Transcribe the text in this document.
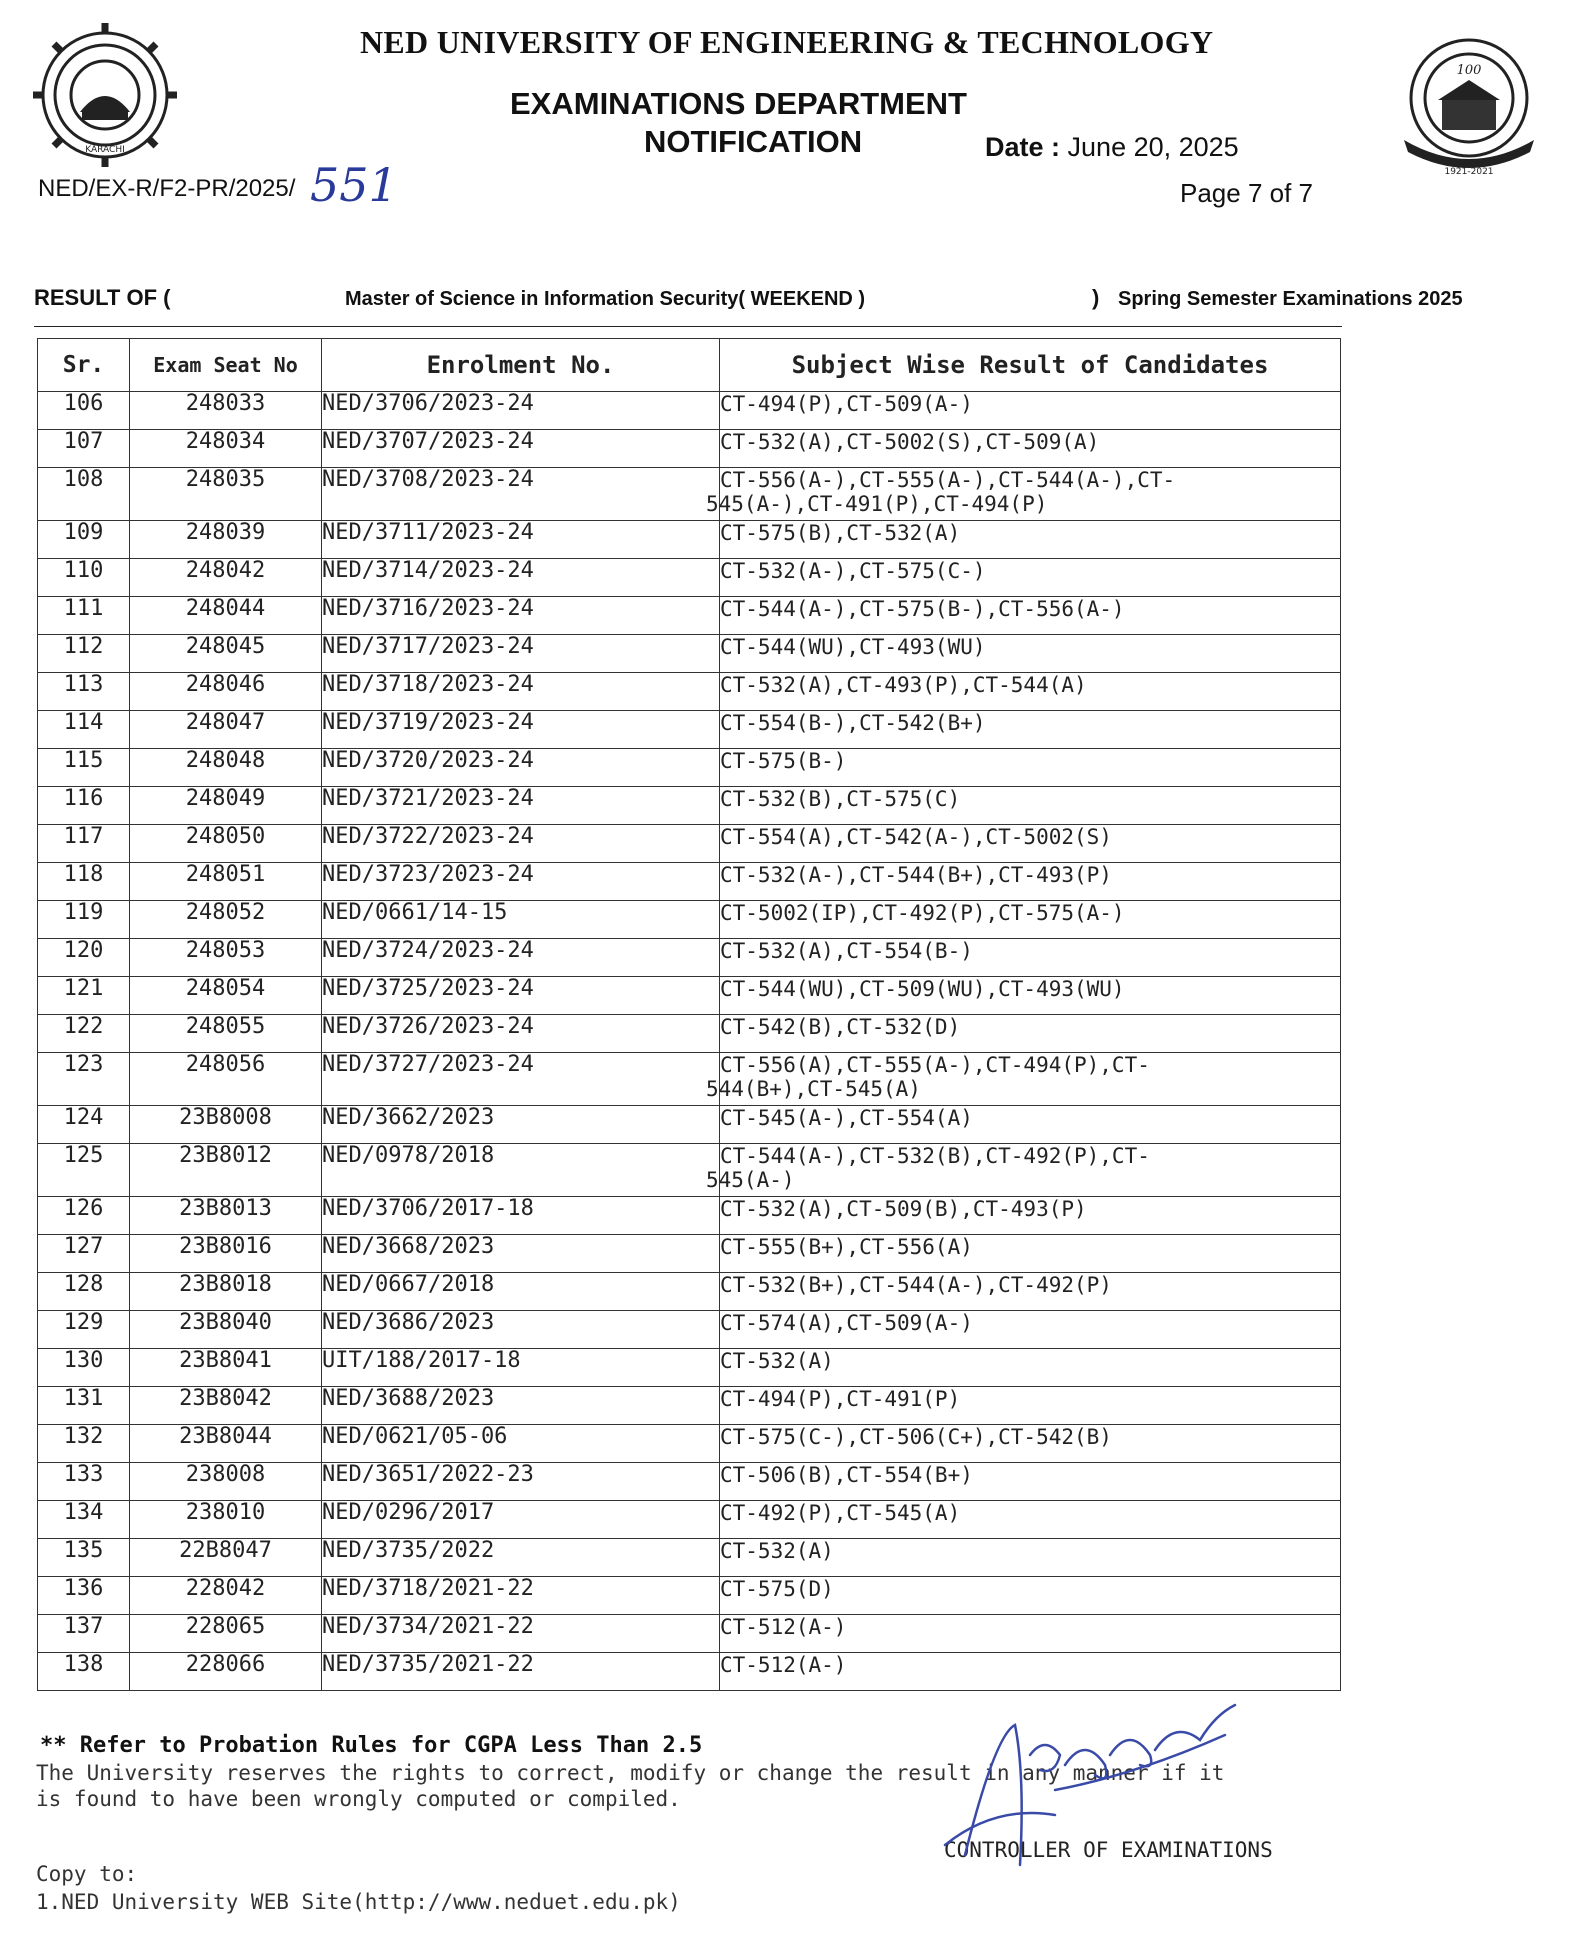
KARACHI
100
1921-2021
NED UNIVERSITY OF ENGINEERING & TECHNOLOGY
EXAMINATIONS DEPARTMENT
NOTIFICATION	Date : June 20, 2025
Page 7 of 7
NED/EX-R/F2-PR/2025/ 551
RESULT OF (	Master of Science in Information Security( WEEKEND )	) Spring Semester Examinations 2025
Sr.	Exam Seat No	Enrolment No.	Subject Wise Result of Candidates
106	248033	NED/3706/2023-24	CT-494(P),CT-509(A-)

107	248034	NED/3707/2023-24	CT-532(A),CT-5002(S),CT-509(A)

108	248035	NED/3708/2023-24	CT-556(A-),CT-555(A-),CT-544(A-),CT-
545(A-),CT-491(P),CT-494(P)

109	248039	NED/3711/2023-24	CT-575(B),CT-532(A)

110	248042	NED/3714/2023-24	CT-532(A-),CT-575(C-)

111	248044	NED/3716/2023-24	CT-544(A-),CT-575(B-),CT-556(A-)

112	248045	NED/3717/2023-24	CT-544(WU),CT-493(WU)

113	248046	NED/3718/2023-24	CT-532(A),CT-493(P),CT-544(A)

114	248047	NED/3719/2023-24	CT-554(B-),CT-542(B+)

115	248048	NED/3720/2023-24	CT-575(B-)

116	248049	NED/3721/2023-24	CT-532(B),CT-575(C)

117	248050	NED/3722/2023-24	CT-554(A),CT-542(A-),CT-5002(S)

118	248051	NED/3723/2023-24	CT-532(A-),CT-544(B+),CT-493(P)

119	248052	NED/0661/14-15	CT-5002(IP),CT-492(P),CT-575(A-)

120	248053	NED/3724/2023-24	CT-532(A),CT-554(B-)

121	248054	NED/3725/2023-24	CT-544(WU),CT-509(WU),CT-493(WU)

122	248055	NED/3726/2023-24	CT-542(B),CT-532(D)

123	248056	NED/3727/2023-24	CT-556(A),CT-555(A-),CT-494(P),CT-
544(B+),CT-545(A)

124	23B8008	NED/3662/2023	CT-545(A-),CT-554(A)

125	23B8012	NED/0978/2018	CT-544(A-),CT-532(B),CT-492(P),CT-
545(A-)

126	23B8013	NED/3706/2017-18	CT-532(A),CT-509(B),CT-493(P)

127	23B8016	NED/3668/2023	CT-555(B+),CT-556(A)

128	23B8018	NED/0667/2018	CT-532(B+),CT-544(A-),CT-492(P)

129	23B8040	NED/3686/2023	CT-574(A),CT-509(A-)

130	23B8041	UIT/188/2017-18	CT-532(A)

131	23B8042	NED/3688/2023	CT-494(P),CT-491(P)

132	23B8044	NED/0621/05-06	CT-575(C-),CT-506(C+),CT-542(B)

133	238008	NED/3651/2022-23	CT-506(B),CT-554(B+)

134	238010	NED/0296/2017	CT-492(P),CT-545(A)

135	22B8047	NED/3735/2022	CT-532(A)

136	228042	NED/3718/2021-22	CT-575(D)

137	228065	NED/3734/2021-22	CT-512(A-)

138	228066	NED/3735/2021-22	CT-512(A-)
** Refer to Probation Rules for CGPA Less Than 2.5
The University reserves the rights to correct, modify or change the result in any manner if it
is found to have been wrongly computed or compiled.
Copy to:
1.NED University WEB Site(http://www.neduet.edu.pk)
CONTROLLER OF EXAMINATIONS
